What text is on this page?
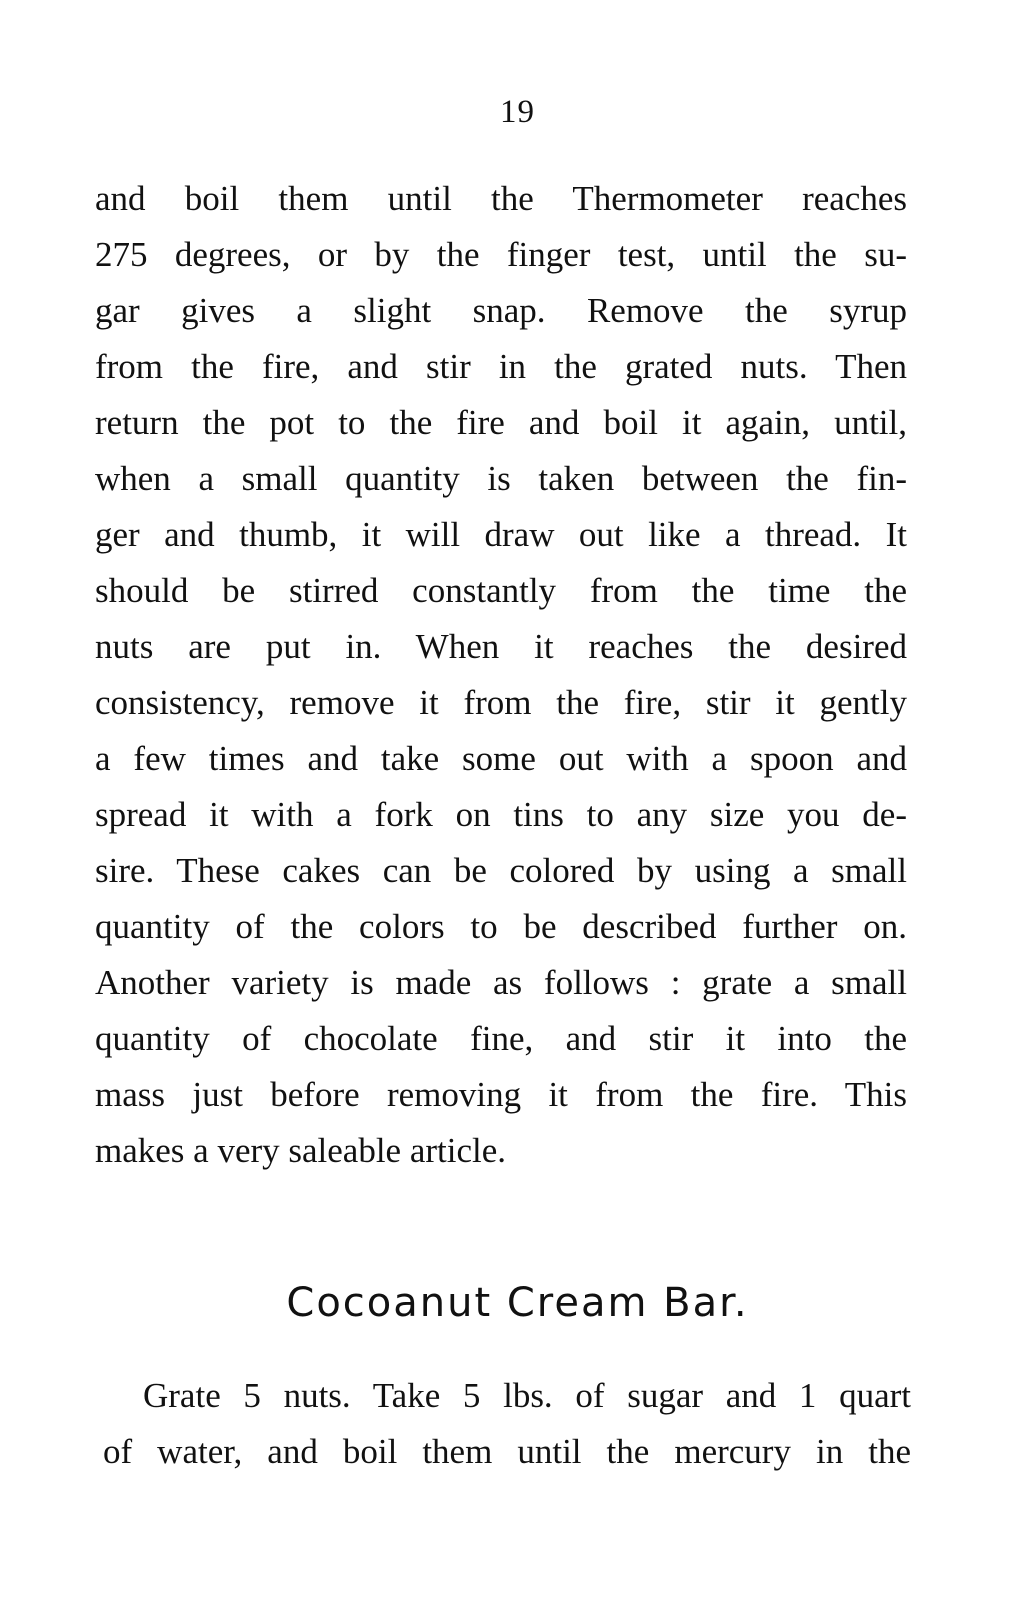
19
and boil them until the Thermometer reaches
275 degrees, or by the finger test, until the su-
gar gives a slight snap. Remove the syrup
from the fire, and stir in the grated nuts. Then
return the pot to the fire and boil it again, until,
when a small quantity is taken between the fin-
ger and thumb, it will draw out like a thread. It
should be stirred constantly from the time the
nuts are put in. When it reaches the desired
consistency, remove it from the fire, stir it gently
a few times and take some out with a spoon and
spread it with a fork on tins to any size you de-
sire. These cakes can be colored by using a small
quantity of the colors to be described further on.
Another variety is made as follows : grate a small
quantity of chocolate fine, and stir it into the
mass just before removing it from the fire. This
makes a very saleable article.
Cocoanut Cream Bar.
Grate 5 nuts. Take 5 lbs. of sugar and 1 quart
of water, and boil them until the mercury in the
